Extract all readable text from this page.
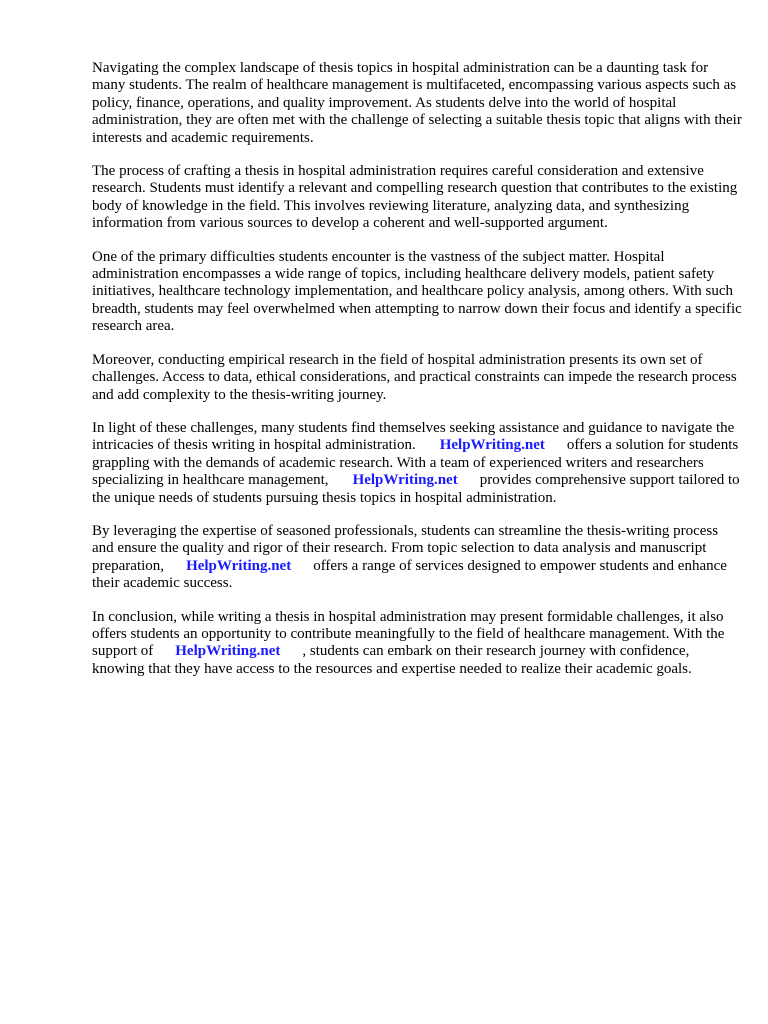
Navigating the complex landscape of thesis topics in hospital administration can be a daunting task for many students. The realm of healthcare management is multifaceted, encompassing various aspects such as policy, finance, operations, and quality improvement. As students delve into the world of hospital administration, they are often met with the challenge of selecting a suitable thesis topic that aligns with their interests and academic requirements.

The process of crafting a thesis in hospital administration requires careful consideration and extensive research. Students must identify a relevant and compelling research question that contributes to the existing body of knowledge in the field. This involves reviewing literature, analyzing data, and synthesizing information from various sources to develop a coherent and well-supported argument.

One of the primary difficulties students encounter is the vastness of the subject matter. Hospital administration encompasses a wide range of topics, including healthcare delivery models, patient safety initiatives, healthcare technology implementation, and healthcare policy analysis, among others. With such breadth, students may feel overwhelmed when attempting to narrow down their focus and identify a specific research area.

Moreover, conducting empirical research in the field of hospital administration presents its own set of challenges. Access to data, ethical considerations, and practical constraints can impede the research process and add complexity to the thesis-writing journey.

In light of these challenges, many students find themselves seeking assistance and guidance to navigate the intricacies of thesis writing in hospital administration. HelpWriting.net offers a solution for students grappling with the demands of academic research. With a team of experienced writers and researchers specializing in healthcare management, HelpWriting.net provides comprehensive support tailored to the unique needs of students pursuing thesis topics in hospital administration.

By leveraging the expertise of seasoned professionals, students can streamline the thesis-writing process and ensure the quality and rigor of their research. From topic selection to data analysis and manuscript preparation, HelpWriting.net offers a range of services designed to empower students and enhance their academic success.

In conclusion, while writing a thesis in hospital administration may present formidable challenges, it also offers students an opportunity to contribute meaningfully to the field of healthcare management. With the support of HelpWriting.net , students can embark on their research journey with confidence, knowing that they have access to the resources and expertise needed to realize their academic goals.
